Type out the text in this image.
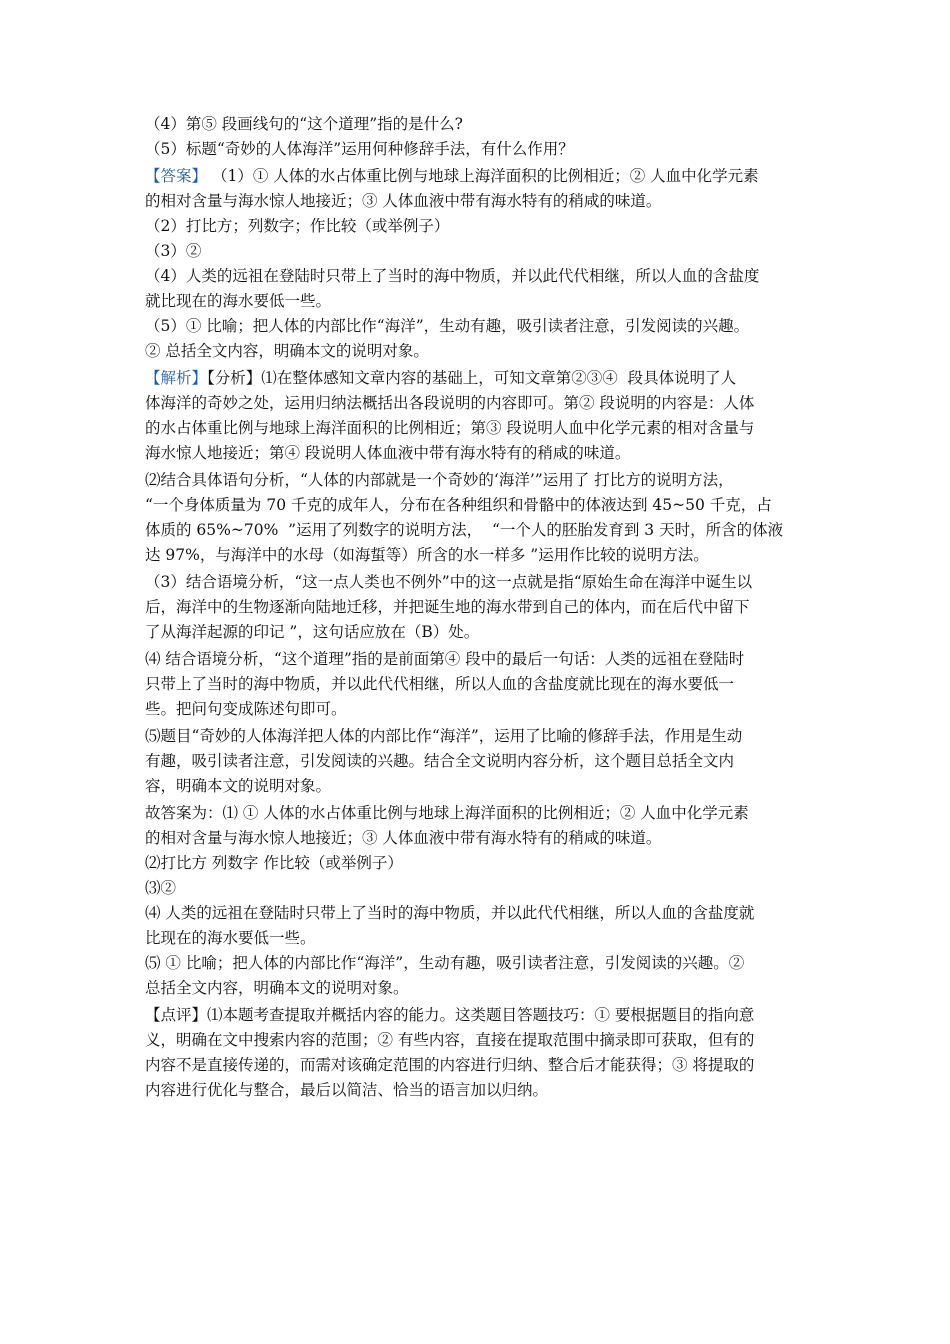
（4）第⑤ 段画线句的“这个道理”指的是什么?
（5）标题“奇妙的人体海洋”运用何种修辞手法，有什么作用？
【答案】 （1）① 人体的水占体重比例与地球上海洋面积的比例相近；② 人血中化学元素
的相对含量与海水惊人地接近；③ 人体血液中带有海水特有的稍咸的味道。
（2）打比方；列数字；作比较（或举例子）
（3）②
（4）人类的远祖在登陆时只带上了当时的海中物质，并以此代代相继，所以人血的含盐度
就比现在的海水要低一些。
（5）① 比喻；把人体的内部比作“海洋”，生动有趣，吸引读者注意，引发阅读的兴趣。
② 总括全文内容，明确本文的说明对象。
【解析】【分析】⑴在整体感知文章内容的基础上，可知文章第②③④  段具体说明了人
体海洋的奇妙之处，运用归纳法概括出各段说明的内容即可。第② 段说明的内容是：人体
的水占体重比例与地球上海洋面积的比例相近；第③ 段说明人血中化学元素的相对含量与
海水惊人地接近；第④ 段说明人体血液中带有海水特有的稍咸的味道。
⑵结合具体语句分析，“人体的内部就是一个奇妙的‘海洋’”运用了 打比方的说明方法，
“一个身体质量为 70 千克的成年人，分布在各种组织和骨骼中的体液达到 45~50 千克，占
体质的 65%~70%  ”运用了列数字的说明方法，  “一个人的胚胎发育到 3 天时，所含的体液
达 97%，与海洋中的水母（如海蜇等）所含的水一样多 ”运用作比较的说明方法。
（3）结合语境分析，“这一点人类也不例外”中的这一点就是指“原始生命在海洋中诞生以
后，海洋中的生物逐渐向陆地迁移，并把诞生地的海水带到自己的体内，而在后代中留下
了从海洋起源的印记 ”，这句话应放在（B）处。
⑷ 结合语境分析，“这个道理”指的是前面第④ 段中的最后一句话：人类的远祖在登陆时
只带上了当时的海中物质，并以此代代相继，所以人血的含盐度就比现在的海水要低一
些。把问句变成陈述句即可。
⑸题目“奇妙的人体海洋把人体的内部比作“海洋”，运用了比喻的修辞手法，作用是生动
有趣，吸引读者注意，引发阅读的兴趣。结合全文说明内容分析，这个题目总括全文内
容，明确本文的说明对象。
故答案为：⑴ ① 人体的水占体重比例与地球上海洋面积的比例相近；② 人血中化学元素
的相对含量与海水惊人地接近；③ 人体血液中带有海水特有的稍咸的味道。
⑵打比方 列数字 作比较（或举例子）
⑶②
⑷ 人类的远祖在登陆时只带上了当时的海中物质，并以此代代相继，所以人血的含盐度就
比现在的海水要低一些。
⑸ ① 比喻；把人体的内部比作“海洋”，生动有趣，吸引读者注意，引发阅读的兴趣。②
总括全文内容，明确本文的说明对象。
【点评】⑴本题考查提取并概括内容的能力。这类题目答题技巧：① 要根据题目的指向意
义，明确在文中搜索内容的范围；② 有些内容，直接在提取范围中摘录即可获取，但有的
内容不是直接传递的，而需对该确定范围的内容进行归纳、整合后才能获得；③ 将提取的
内容进行优化与整合，最后以简洁、恰当的语言加以归纳。
